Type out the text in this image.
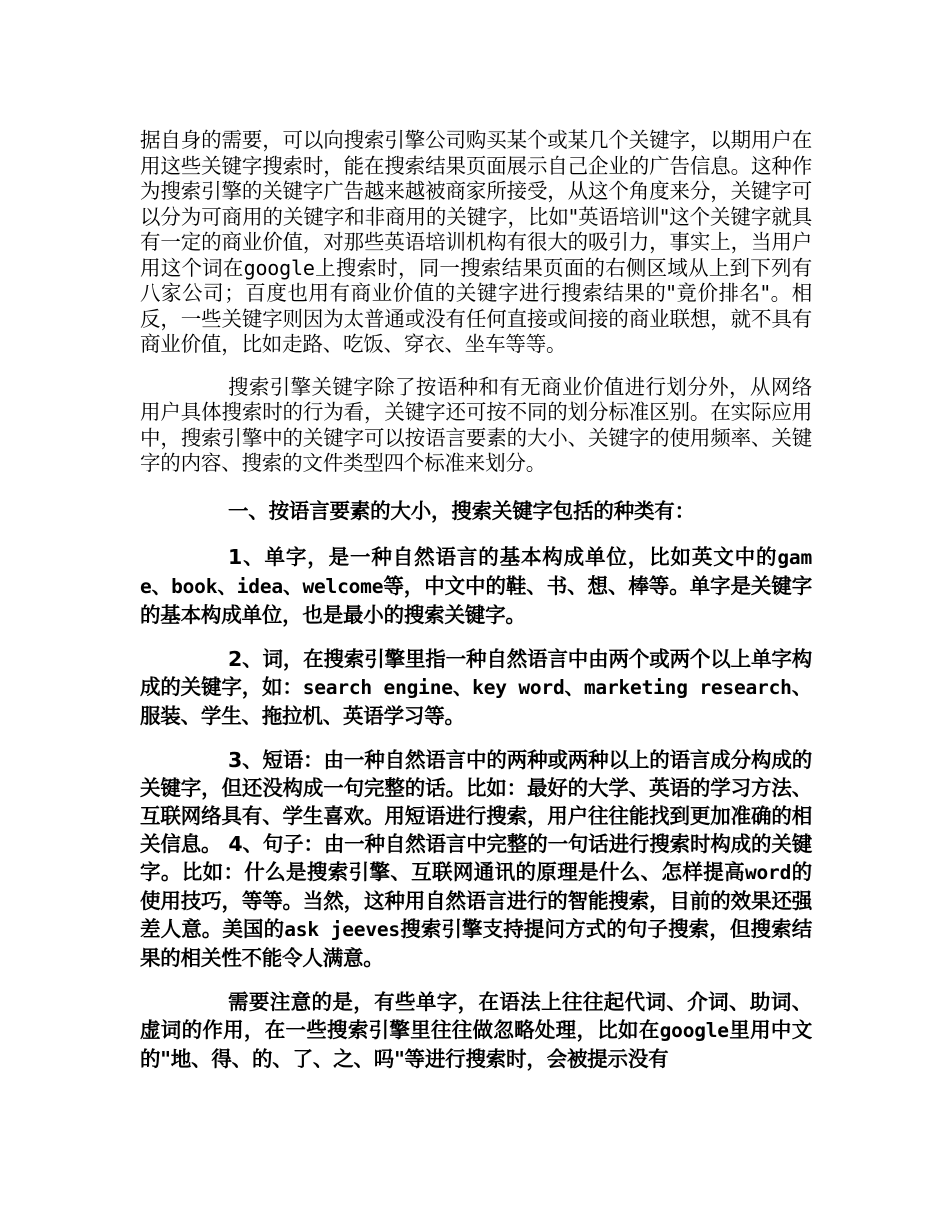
据自身的需要，可以向搜索引擎公司购买某个或某几个关键字，以期用户在用这些关键字搜索时，能在搜索结果页面展示自己企业的广告信息。这种作为搜索引擎的关键字广告越来越被商家所接受，从这个角度来分，关键字可以分为可商用的关键字和非商用的关键字，比如"英语培训"这个关键字就具有一定的商业价值，对那些英语培训机构有很大的吸引力，事实上，当用户用这个词在google上搜索时，同一搜索结果页面的右侧区域从上到下列有八家公司；百度也用有商业价值的关键字进行搜索结果的"竟价排名"。相反，一些关键字则因为太普通或没有任何直接或间接的商业联想，就不具有商业价值，比如走路、吃饭、穿衣、坐车等等。

搜索引擎关键字除了按语种和有无商业价值进行划分外，从网络用户具体搜索时的行为看，关键字还可按不同的划分标准区别。在实际应用中，搜索引擎中的关键字可以按语言要素的大小、关键字的使用频率、关键字的内容、搜索的文件类型四个标准来划分。

一、按语言要素的大小，搜索关键字包括的种类有：

1、单字，是一种自然语言的基本构成单位，比如英文中的game、book、idea、welcome等，中文中的鞋、书、想、棒等。单字是关键字的基本构成单位，也是最小的搜索关键字。

2、词，在搜索引擎里指一种自然语言中由两个或两个以上单字构成的关键字，如：search engine、key word、marketing research、服装、学生、拖拉机、英语学习等。

3、短语：由一种自然语言中的两种或两种以上的语言成分构成的关键字，但还没构成一句完整的话。比如：最好的大学、英语的学习方法、互联网络具有、学生喜欢。用短语进行搜索，用户往往能找到更加准确的相关信息。 4、句子：由一种自然语言中完整的一句话进行搜索时构成的关键字。比如：什么是搜索引擎、互联网通讯的原理是什么、怎样提高word的使用技巧，等等。当然，这种用自然语言进行的智能搜索，目前的效果还强差人意。美国的ask jeeves搜索引擎支持提问方式的句子搜索，但搜索结果的相关性不能令人满意。

需要注意的是，有些单字，在语法上往往起代词、介词、助词、虚词的作用，在一些搜索引擎里往往做忽略处理，比如在google里用中文的"地、得、的、了、之、吗"等进行搜索时，会被提示没有
